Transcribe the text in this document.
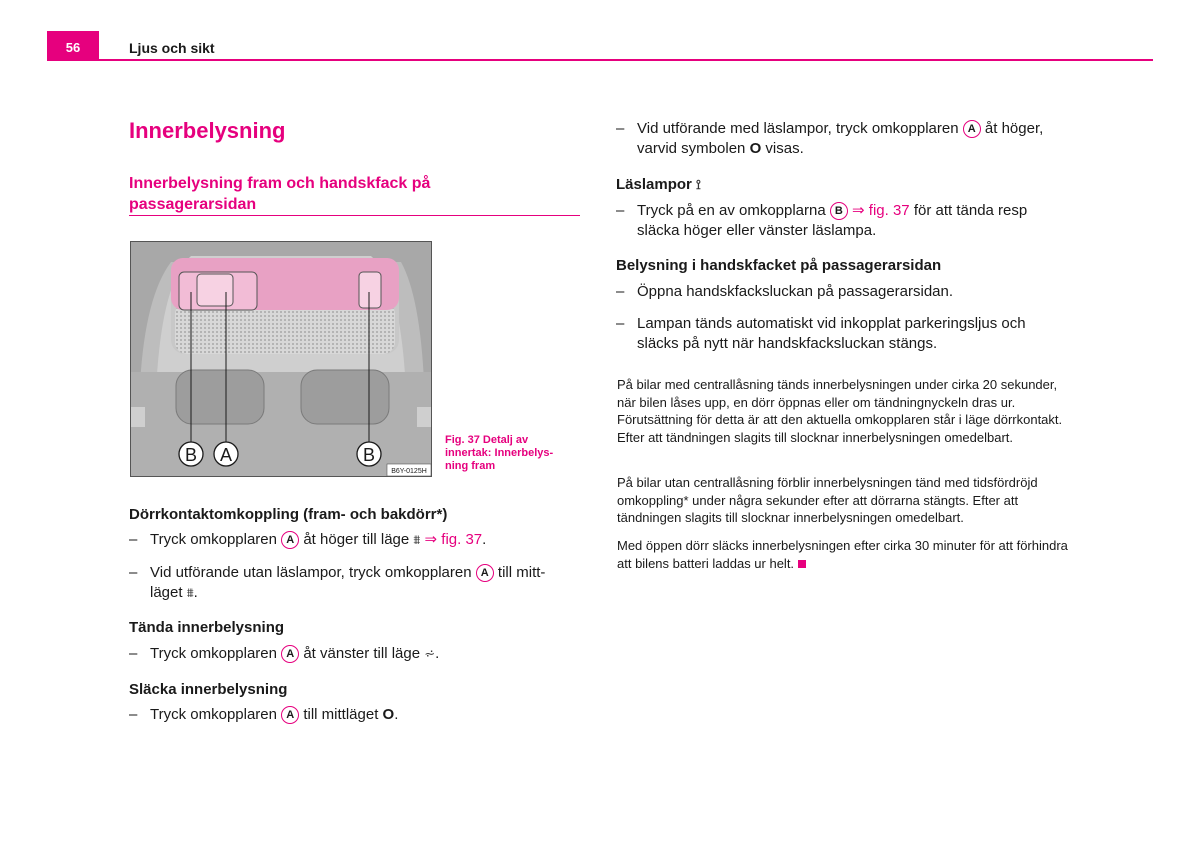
56	Ljus och sikt
Innerbelysning
Innerbelysning fram och handskfack på passagerarsidan
B A	B
B6Y-0125H
Fig. 37 Detalj av innertak: Innerbelys-ning fram
Dörrkontaktomkoppling (fram- och bakdörr*)
– Tryck omkopplaren A åt höger till läge ⩩ ⇒ fig. 37.
– Vid utförande utan läslampor, tryck omkopplaren A till mitt-
läget ⩩.
Tända innerbelysning
– Tryck omkopplaren A åt vänster till läge ⩫.
Släcka innerbelysning
– Tryck omkopplaren A till mittläget O.
– Vid utförande med läslampor, tryck omkopplaren A åt höger,
varvid symbolen O visas.
Läslampor ⟟
– Tryck på en av omkopplarna B ⇒ fig. 37 för att tända resp
släcka höger eller vänster läslampa.
Belysning i handskfacket på passagerarsidan
– Öppna handskfacksluckan på passagerarsidan.
– Lampan tänds automatiskt vid inkopplat parkeringsljus och
släcks på nytt när handskfacksluckan stängs.
På bilar med centrallåsning tänds innerbelysningen under cirka 20 sekunder, när bilen låses upp, en dörr öppnas eller om tändningnyckeln dras ur. Förutsättning för detta är att den aktuella omkopplaren står i läge dörrkontakt. Efter att tändningen slagits till slocknar innerbelysningen omedelbart.
På bilar utan centrallåsning förblir innerbelysningen tänd med tidsfördröjd omkoppling* under några sekunder efter att dörrarna stängts. Efter att tändningen slagits till slocknar innerbelysningen omedelbart.
Med öppen dörr släcks innerbelysningen efter cirka 30 minuter för att förhindra att bilens batteri laddas ur helt.
